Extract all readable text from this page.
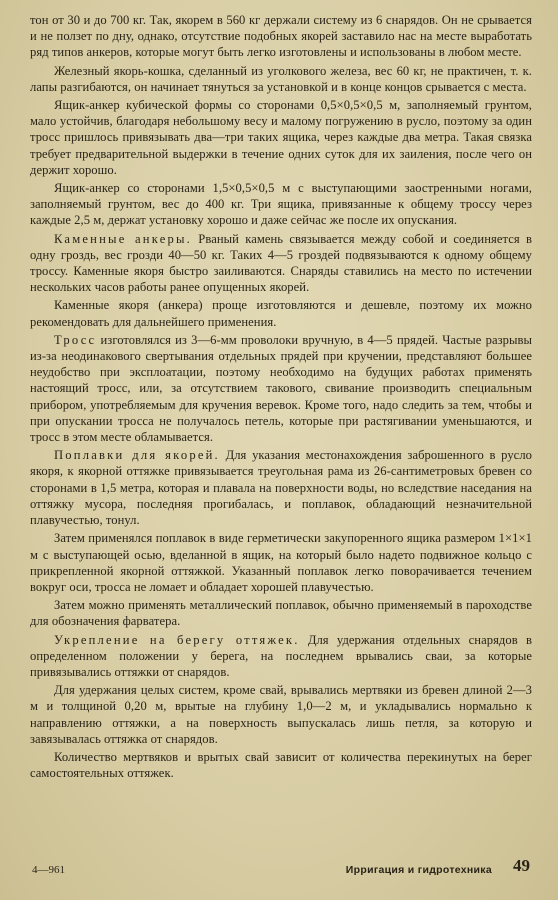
тон от 30 и до 700 кг. Так, якорем в 560 кг держали систему из 6 снарядов. Он не срывается и не ползет по дну, однако, отсутствие подобных якорей заставило нас на месте выработать ряд типов анкеров, которые могут быть легко изготовлены и использованы в любом месте.

Железный якорь-кошка, сделанный из уголкового железа, вес 60 кг, не практичен, т. к. лапы разгибаются, он начинает тянуться за установкой и в конце концов срывается с места.

Ящик-анкер кубической формы со сторонами 0,5×0,5×0,5 м, заполняемый грунтом, мало устойчив, благодаря небольшому весу и малому погружению в русло, поэтому за один тросс пришлось привязывать два—три таких ящика, через каждые два метра. Такая связка требует предварительной выдержки в течение одних суток для их заиления, после чего он держит хорошо.

Ящик-анкер со сторонами 1,5×0,5×0,5 м с выступающими заостренными ногами, заполняемый грунтом, вес до 400 кг. Три ящика, привязанные к общему троссу через каждые 2,5 м, держат установку хорошо и даже сейчас же после их опускания.

Каменные анкеры. Рваный камень связывается между собой и соединяется в одну гроздь, вес грозди 40—50 кг. Таких 4—5 гроздей подвязываются к одному общему троссу. Каменные якоря быстро заиливаются. Снаряды ставились на место по истечении нескольких часов работы ранее опущенных якорей.

Каменные якоря (анкера) проще изготовляются и дешевле, поэтому их можно рекомендовать для дальнейшего применения.

Тросс изготовлялся из 3—6-мм проволоки вручную, в 4—5 прядей. Частые разрывы из-за неодинакового свертывания отдельных прядей при кручении, представляют большее неудобство при эксплоатации, поэтому необходимо на будущих работах применять настоящий тросс, или, за отсутствием такового, свивание производить специальным прибором, употребляемым для кручения веревок. Кроме того, надо следить за тем, чтобы и при опускании тросса не получалось петель, которые при растягивании уменьшаются, и тросс в этом месте обламывается.

Поплавки для якорей. Для указания местонахождения заброшенного в русло якоря, к якорной оттяжке привязывается треугольная рама из 26-сантиметровых бревен со сторонами в 1,5 метра, которая и плавала на поверхности воды, но вследствие наседания на оттяжку мусора, последняя прогибалась, и поплавок, обладающий незначительной плавучестью, тонул.

Затем применялся поплавок в виде герметически закупоренного ящика размером 1×1×1 м с выступающей осью, вделанной в ящик, на который было надето подвижное кольцо с прикрепленной якорной оттяжкой. Указанный поплавок легко поворачивается течением вокруг оси, тросса не ломает и обладает хорошей плавучестью.

Затем можно применять металлический поплавок, обычно применяемый в пароходстве для обозначения фарватера.

Укрепление на берегу оттяжек. Для удержания отдельных снарядов в определенном положении у берега, на последнем врывались сваи, за которые привязывались оттяжки от снарядов.

Для удержания целых систем, кроме свай, врывались мертвяки из бревен длиной 2—3 м и толщиной 0,20 м, врытые на глубину 1,0—2 м, и укладывались нормально к направлению оттяжки, а на поверхность выпускалась лишь петля, за которую и завязывалась оттяжка от снарядов.

Количество мертвяков и врытых свай зависит от количества перекинутых на берег самостоятельных оттяжек.

4—961	Ирригация и гидротехника 49
